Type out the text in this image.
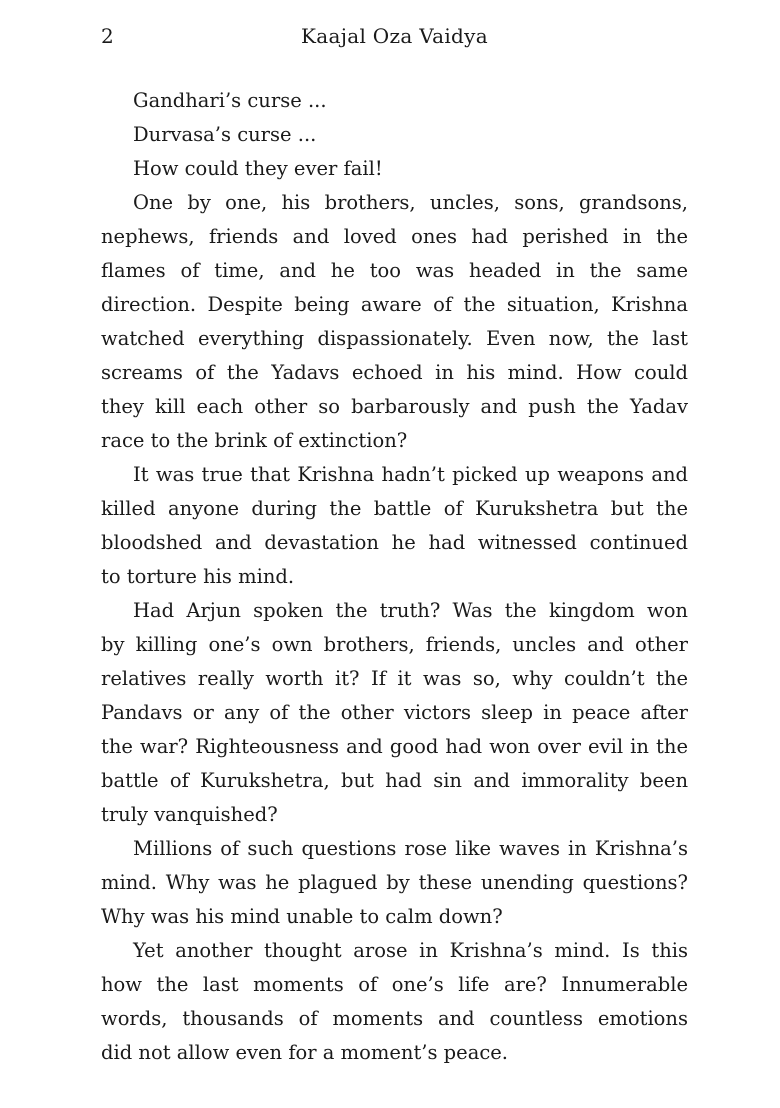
2	Kaajal Oza Vaidya
Gandhari’s curse ...
Durvasa’s curse ...
How could they ever fail!
One by one, his brothers, uncles, sons, grandsons,
nephews, friends and loved ones had perished in the
flames of time, and he too was headed in the same
direction. Despite being aware of the situation, Krishna
watched everything dispassionately. Even now, the last
screams of the Yadavs echoed in his mind. How could
they kill each other so barbarously and push the Yadav
race to the brink of extinction?
It was true that Krishna hadn’t picked up weapons and
killed anyone during the battle of Kurukshetra but the
bloodshed and devastation he had witnessed continued
to torture his mind.
Had Arjun spoken the truth? Was the kingdom won
by killing one’s own brothers, friends, uncles and other
relatives really worth it? If it was so, why couldn’t the
Pandavs or any of the other victors sleep in peace after
the war? Righteousness and good had won over evil in the
battle of Kurukshetra, but had sin and immorality been
truly vanquished?
Millions of such questions rose like waves in Krishna’s
mind. Why was he plagued by these unending questions?
Why was his mind unable to calm down?
Yet another thought arose in Krishna’s mind. Is this
how the last moments of one’s life are? Innumerable
words, thousands of moments and countless emotions
did not allow even for a moment’s peace.
